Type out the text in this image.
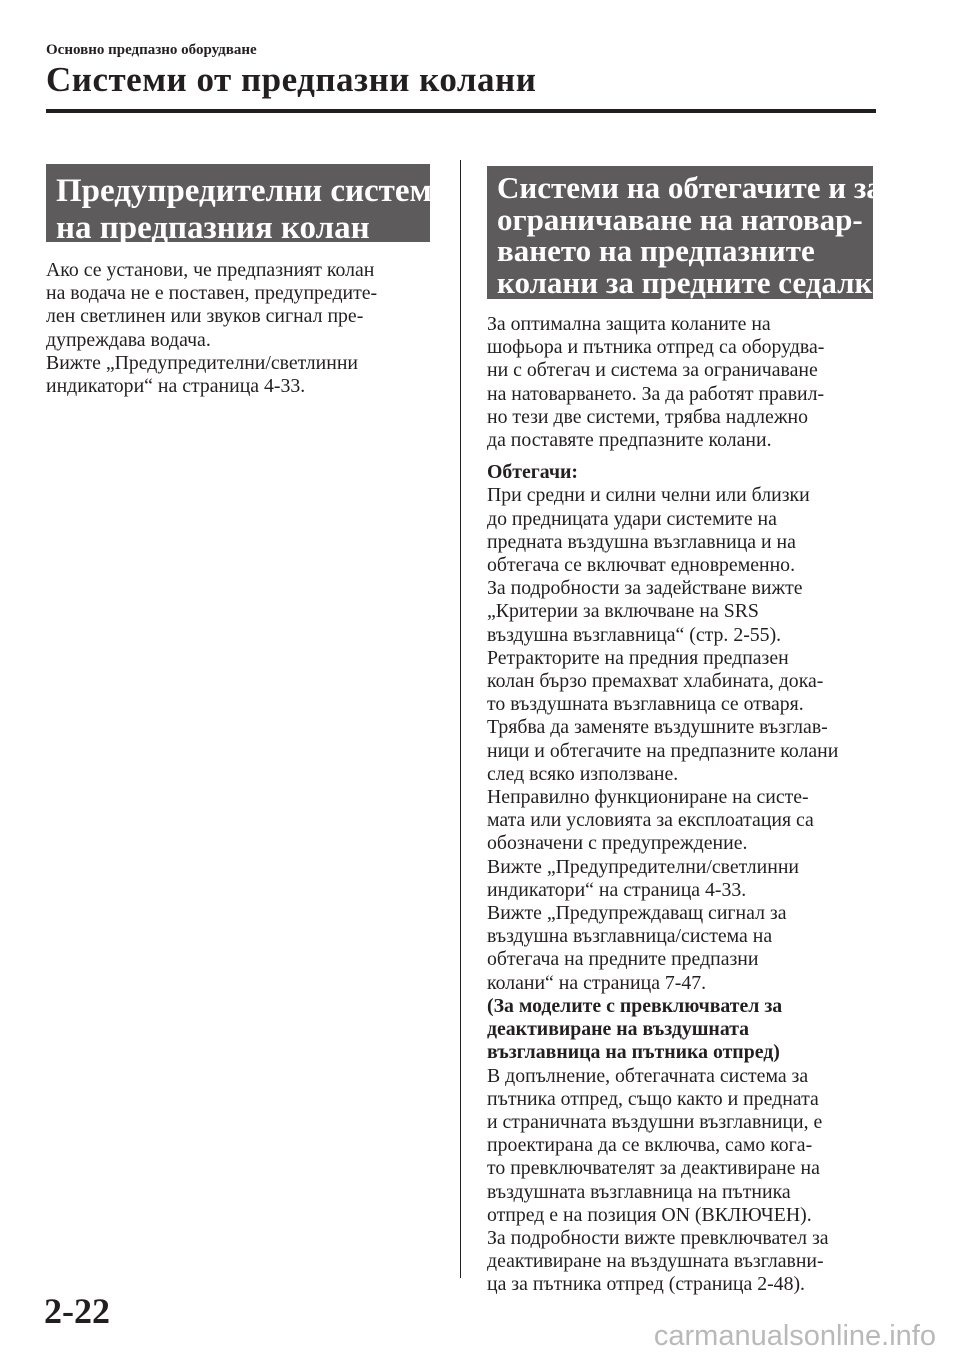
Основно предпазно оборудване
Системи от предпазни колани
Предупредителни системи
на предпазния колан
Ако се установи, че предпазният колан
на водача не е поставен, предупредите-
лен светлинен или звуков сигнал пре-
дупреждава водача.
Вижте „Предупредителни/светлинни
индикатори“ на страница 4-33.
Системи на обтегачите и за
ограничаване на натовар-
ването на предпазните
колани за предните седалки
За оптимална защита коланите на
шофьора и пътника отпред са оборудва-
ни с обтегач и система за ограничаване
на натоварването. За да работят правил-
но тези две системи, трябва надлежно
да поставяте предпазните колани.
Обтегачи:
При средни и силни челни или близки
до предницата удари системите на
предната въздушна възглавница и на
обтегача се включват едновременно.
За подробности за задействане вижте
„Критерии за включване на SRS
въздушна възглавница“ (стр. 2-55).
Ретракторите на предния предпазен
колан бързо премахват хлабината, дока-
то въздушната възглавница се отваря.
Трябва да заменяте въздушните възглав-
ници и обтегачите на предпазните колани
след всяко използване.
Неправилно функциониране на систе-
мата или условията за експлоатация са
обозначени с предупреждение.
Вижте „Предупредителни/светлинни
индикатори“ на страница 4-33.
Вижте „Предупреждаващ сигнал за
въздушна възглавница/система на
обтегача на предните предпазни
колани“ на страница 7-47.
(За моделите с превключвател за
деактивиране на въздушната
възглавница на пътника отпред)
В допълнение, обтегачната система за
пътника отпред, също както и предната
и страничната въздушни възглавници, е
проектирана да се включва, само кога-
то превключвателят за деактивиране на
въздушната възглавница на пътника
отпред е на позиция ON (ВКЛЮЧЕН).
За подробности вижте превключвател за
деактивиране на въздушната възглавни-
ца за пътника отпред (страница 2-48).
2-22
carmanualsonline.info
